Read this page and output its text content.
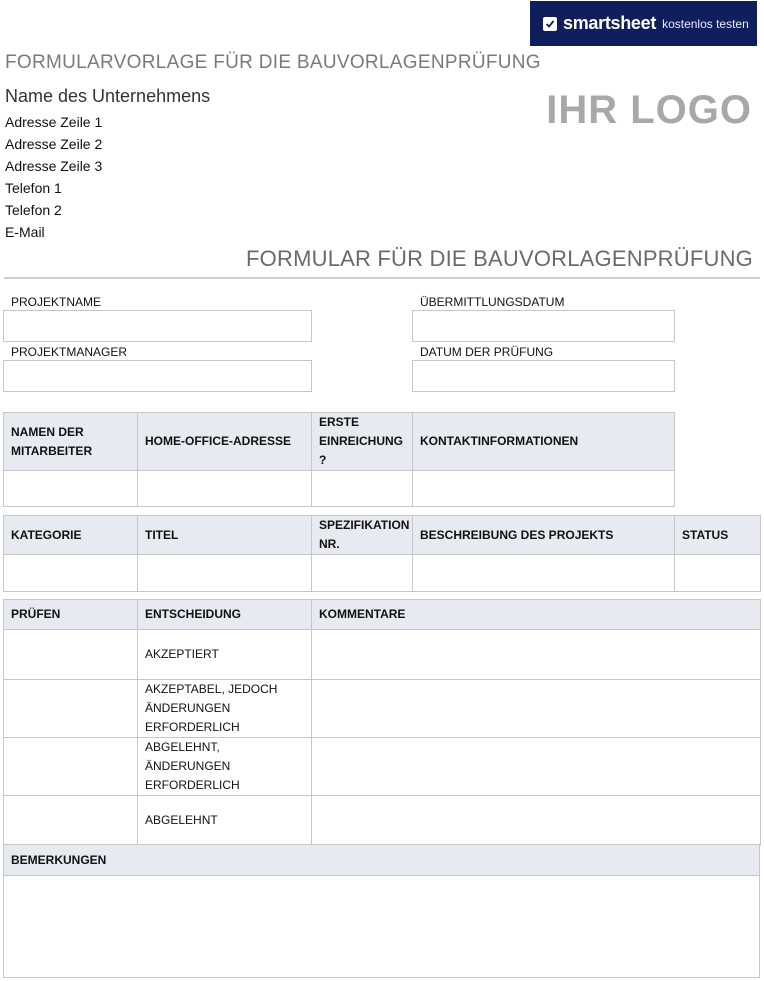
smartsheet kostenlos testen
FORMULARVORLAGE FÜR DIE BAUVORLAGENPRÜFUNG
Name des Unternehmens
Adresse Zeile 1
Adresse Zeile 2
Adresse Zeile 3
Telefon 1
Telefon 2
E-Mail
IHR LOGO
FORMULAR FÜR DIE BAUVORLAGENPRÜFUNG
PROJEKTNAME	ÜBERMITTLUNGSDATUM
PROJEKTMANAGER	DATUM DER PRÜFUNG
NAMEN DER MITARBEITER	HOME-OFFICE-ADRESSE	ERSTE EINREICHUNG ?	KONTAKTINFORMATIONEN

KATEGORIE	TITEL	SPEZIFIKATION NR.	BESCHREIBUNG DES PROJEKTS	STATUS

PRÜFEN	ENTSCHEIDUNG	KOMMENTARE
	AKZEPTIERT	
	AKZEPTABEL, JEDOCH ÄNDERUNGEN ERFORDERLICH	
	ABGELEHNT, ÄNDERUNGEN ERFORDERLICH	
	ABGELEHNT	
BEMERKUNGEN
